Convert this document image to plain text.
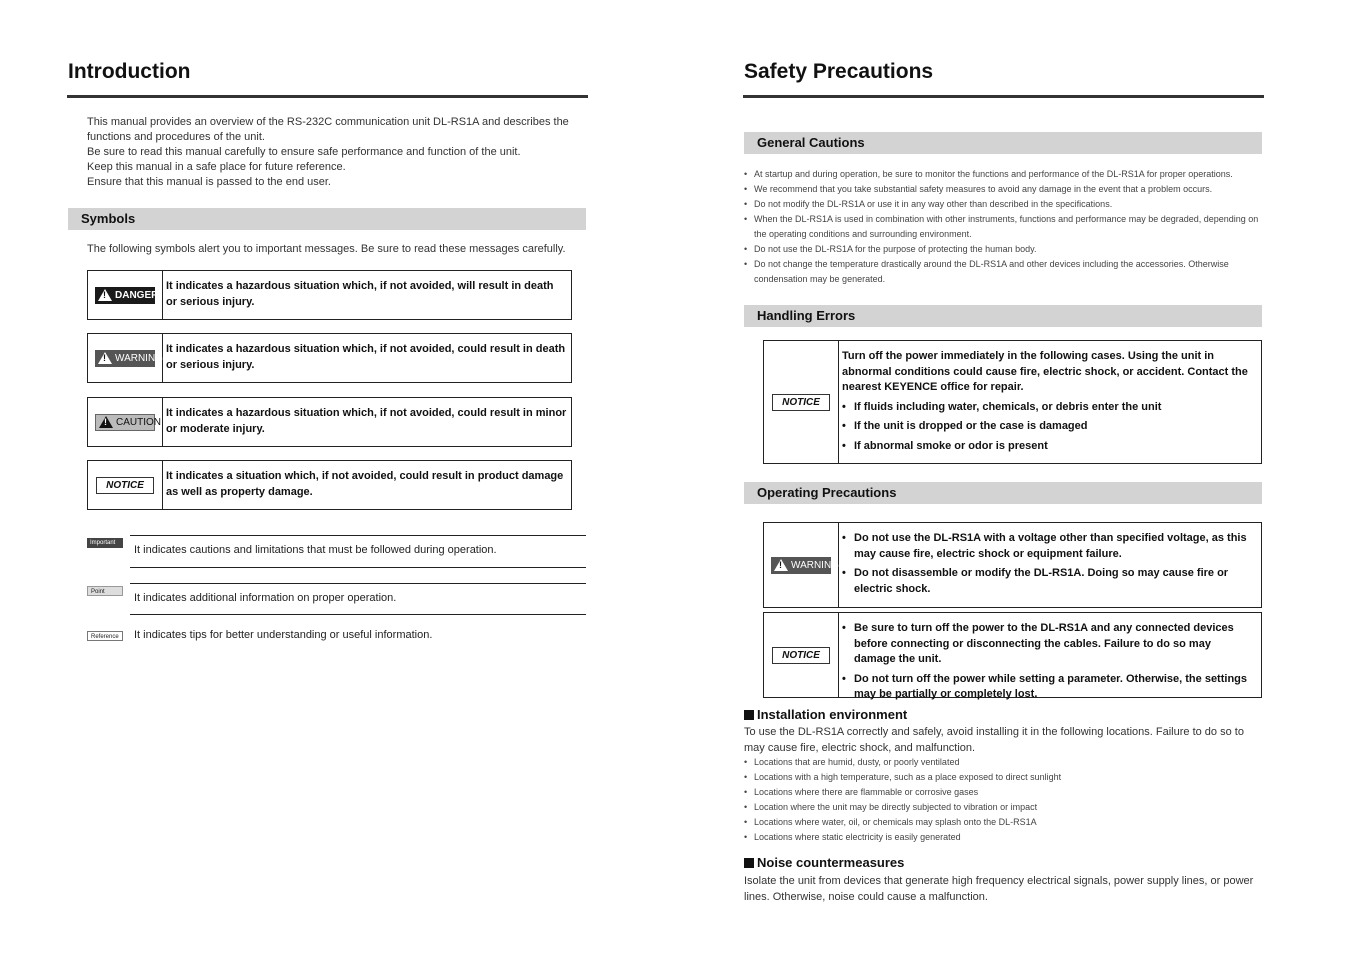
Introduction
This manual provides an overview of the RS-232C communication unit DL-RS1A and describes the functions and procedures of the unit.
Be sure to read this manual carefully to ensure safe performance and function of the unit.
Keep this manual in a safe place for future reference.
Ensure that this manual is passed to the end user.
Symbols
The following symbols alert you to important messages. Be sure to read these messages carefully.
!
DANGER
It indicates a hazardous situation which, if not avoided, will result in death or serious injury.
!
WARNING
It indicates a hazardous situation which, if not avoided, could result in death or serious injury.
!
CAUTION
It indicates a hazardous situation which, if not avoided, could result in minor or moderate injury.
NOTICE
It indicates a situation which, if not avoided, could result in product damage as well as property damage.
Important
It indicates cautions and limitations that must be followed during operation.
Point	It indicates additional information on proper operation.
Reference	It indicates tips for better understanding or useful information.
Safety Precautions
General Cautions
• At startup and during operation, be sure to monitor the functions and performance of the DL-RS1A for proper operations.
• We recommend that you take substantial safety measures to avoid any damage in the event that a problem occurs.
• Do not modify the DL-RS1A or use it in any way other than described in the specifications.
• When the DL-RS1A is used in combination with other instruments, functions and performance may be degraded, depending on the operating conditions and surrounding environment.
• Do not use the DL-RS1A for the purpose of protecting the human body.
• Do not change the temperature drastically around the DL-RS1A and other devices including the accessories. Otherwise condensation may be generated.
Handling Errors
NOTICE
Turn off the power immediately in the following cases. Using the unit in abnormal conditions could cause fire, electric shock, or accident. Contact the nearest KEYENCE office for repair.
• If fluids including water, chemicals, or debris enter the unit
• If the unit is dropped or the case is damaged
• If abnormal smoke or odor is present
Operating Precautions
!
WARNING
• Do not use the DL-RS1A with a voltage other than specified voltage, as this may cause fire, electric shock or equipment failure.
• Do not disassemble or modify the DL-RS1A. Doing so may cause fire or electric shock.
NOTICE
• Be sure to turn off the power to the DL-RS1A and any connected devices before connecting or disconnecting the cables. Failure to do so may damage the unit.
• Do not turn off the power while setting a parameter. Otherwise, the settings may be partially or completely lost.
Installation environment
To use the DL-RS1A correctly and safely, avoid installing it in the following locations. Failure to do so to may cause fire, electric shock, and malfunction.
• Locations that are humid, dusty, or poorly ventilated
• Locations with a high temperature, such as a place exposed to direct sunlight
• Locations where there are flammable or corrosive gases
• Location where the unit may be directly subjected to vibration or impact
• Locations where water, oil, or chemicals may splash onto the DL-RS1A
• Locations where static electricity is easily generated
Noise countermeasures
Isolate the unit from devices that generate high frequency electrical signals, power supply lines, or power lines. Otherwise, noise could cause a malfunction.
